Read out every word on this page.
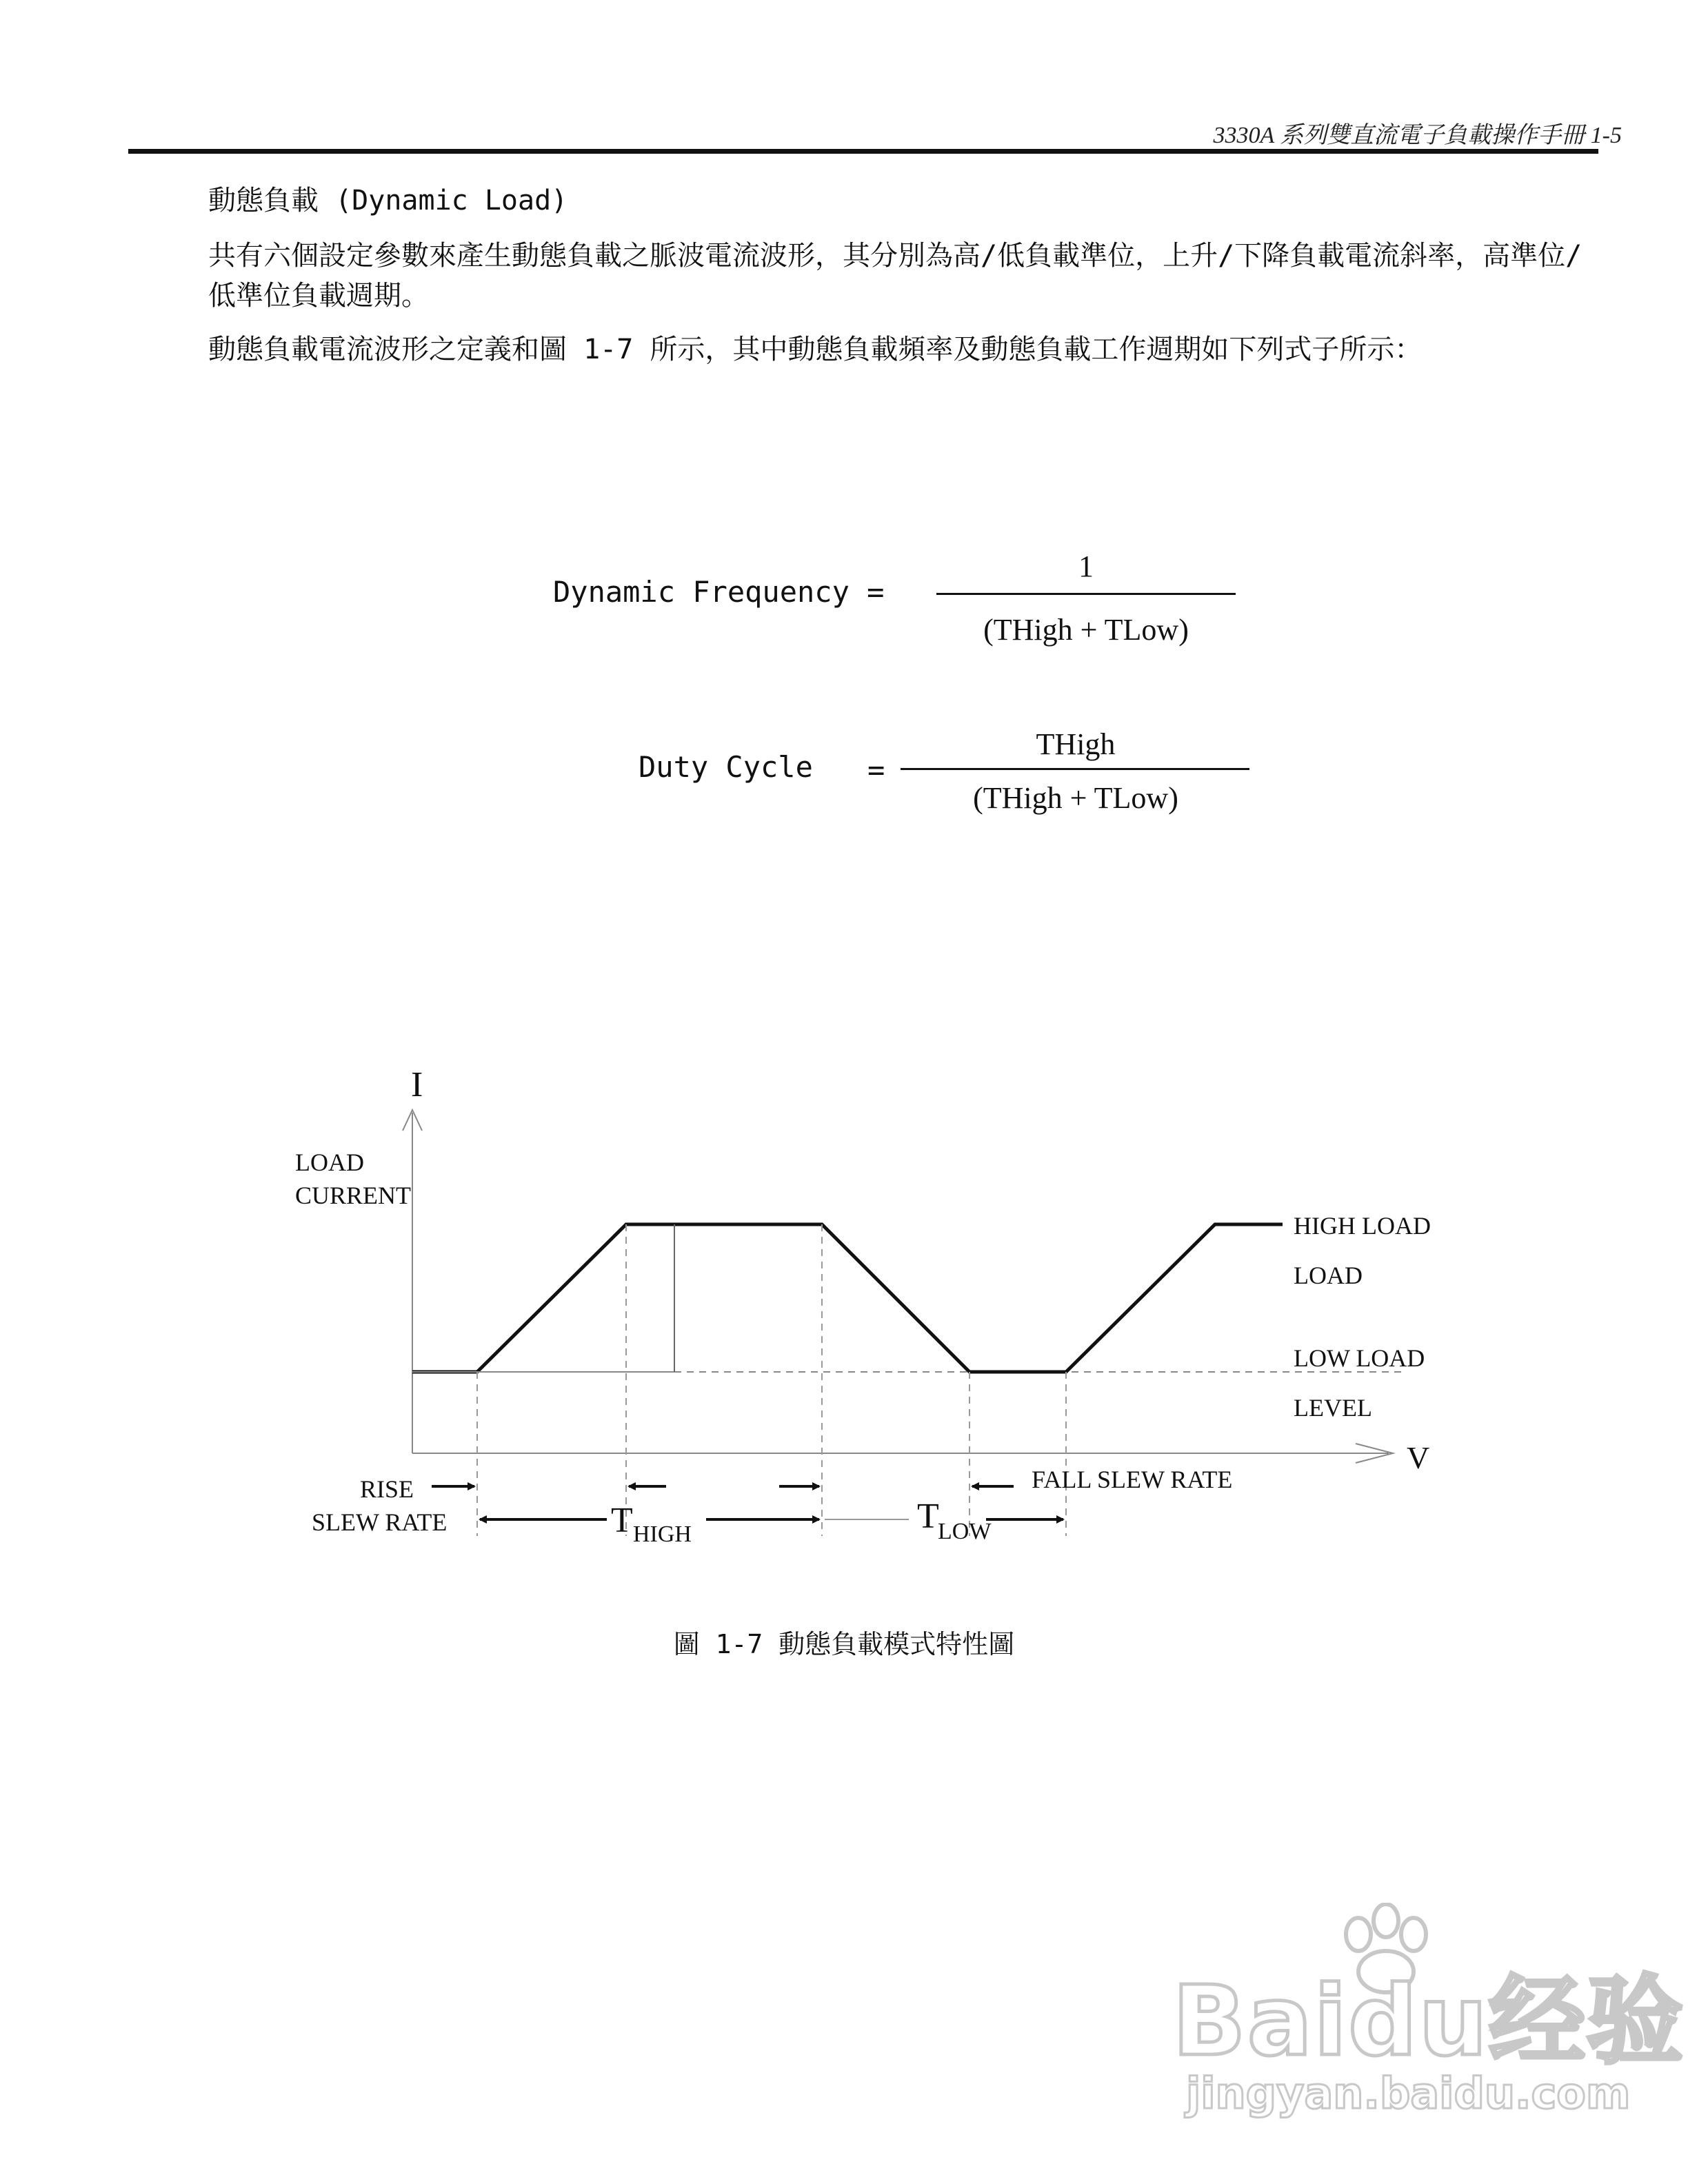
3330A 系列雙直流電子負載操作手冊 1-5

動態負載 (Dynamic Load)

共有六個設定參數來產生動態負載之脈波電流波形，其分別為高/低負載準位，上升/下降負載電流斜率，高準位/低準位負載週期。

動態負載電流波形之定義和圖 1-7 所示，其中動態負載頻率及動態負載工作週期如下列式子所示：

Dynamic Frequency =
1
(THigh + TLow)
Duty Cycle =
THigh
(THigh + TLow)
I
V
LOAD
CURRENT
HIGH LOAD
LOAD
LOW LOAD
LEVEL
RISE
SLEW RATE
FALL SLEW RATE
T HIGH	T
LOW
圖 1-7 動態負載模式特性圖
Baidu经验
jingyan.baidu.com
